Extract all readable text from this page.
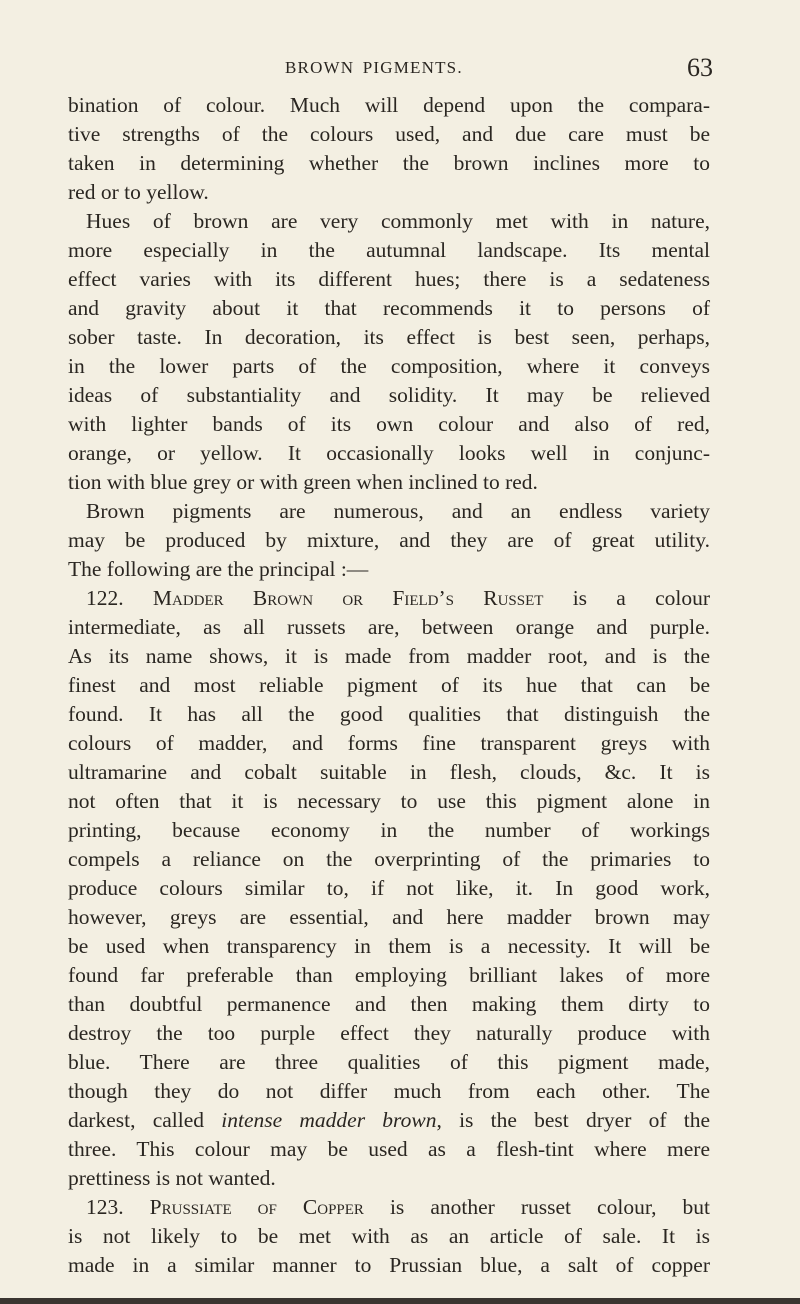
BROWN PIGMENTS.	63
bination of colour. Much will depend upon the compara-
tive strengths of the colours used, and due care must be
taken in determining whether the brown inclines more to
red or to yellow.
Hues of brown are very commonly met with in nature,
more especially in the autumnal landscape. Its mental
effect varies with its different hues; there is a sedateness
and gravity about it that recommends it to persons of
sober taste. In decoration, its effect is best seen, perhaps,
in the lower parts of the composition, where it conveys
ideas of substantiality and solidity. It may be relieved
with lighter bands of its own colour and also of red,
orange, or yellow. It occasionally looks well in conjunc-
tion with blue grey or with green when inclined to red.
Brown pigments are numerous, and an endless variety
may be produced by mixture, and they are of great utility.
The following are the principal :—
122. Madder Brown or Field’s Russet is a colour
intermediate, as all russets are, between orange and purple.
As its name shows, it is made from madder root, and is the
finest and most reliable pigment of its hue that can be
found. It has all the good qualities that distinguish the
colours of madder, and forms fine transparent greys with
ultramarine and cobalt suitable in flesh, clouds, &c. It is
not often that it is necessary to use this pigment alone in
printing, because economy in the number of workings
compels a reliance on the overprinting of the primaries to
produce colours similar to, if not like, it. In good work,
however, greys are essential, and here madder brown may
be used when transparency in them is a necessity. It will be
found far preferable than employing brilliant lakes of more
than doubtful permanence and then making them dirty to
destroy the too purple effect they naturally produce with
blue. There are three qualities of this pigment made,
though they do not differ much from each other. The
darkest, called intense madder brown, is the best dryer of the
three. This colour may be used as a flesh-tint where mere
prettiness is not wanted.
123. Prussiate of Copper is another russet colour, but
is not likely to be met with as an article of sale. It is
made in a similar manner to Prussian blue, a salt of copper
